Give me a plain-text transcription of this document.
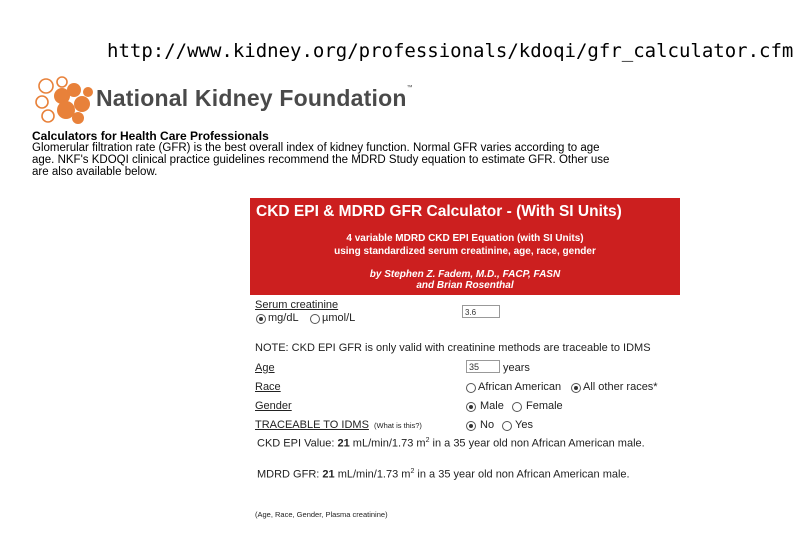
http://www.kidney.org/professionals/kdoqi/gfr_calculator.cfm
National Kidney Foundation™
Calculators for Health Care Professionals
Glomerular filtration rate (GFR) is the best overall index of kidney function. Normal GFR varies according to age
age. NKF's KDOQI clinical practice guidelines recommend the MDRD Study equation to estimate GFR. Other use
are also available below.
CKD EPI & MDRD GFR Calculator - (With SI Units)
4 variable MDRD CKD EPI Equation (with SI Units)
using standardized serum creatinine, age, race, gender
by Stephen Z. Fadem, M.D., FACP, FASN
and Brian Rosenthal
Serum creatinine
mg/dL µmol/L	3.6
NOTE: CKD EPI GFR is only valid with creatinine methods are traceable to IDMS
Age	35	years
Race	African American All other races*
Gender	Male Female
TRACEABLE TO IDMS (What is this?)	No Yes
CKD EPI Value: 21 mL/min/1.73 $m^2$ in a 35 year old non African American male.
MDRD GFR: 21 mL/min/1.73 $m^2$ in a 35 year old non African American male.
(Age, Race, Gender, Plasma creatinine)
